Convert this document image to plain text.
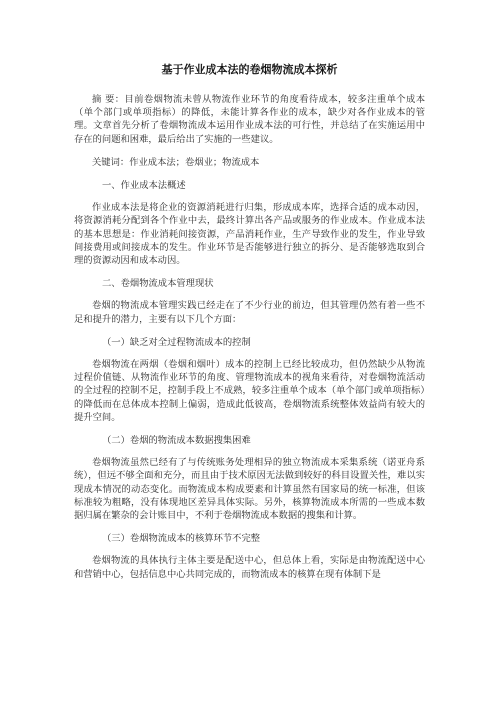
基于作业成本法的卷烟物流成本探析

摘 要：目前卷烟物流未曾从物流作业环节的角度看待成本，较多注重单个成本（单个部门或单项指标）的降低，未能计算各作业的成本，缺少对各作业成本的管理。文章首先分析了卷烟物流成本运用作业成本法的可行性，并总结了在实施运用中存在的问题和困难，最后给出了实施的一些建议。

关键词：作业成本法；卷烟业；物流成本

一、作业成本法概述

作业成本法是将企业的资源消耗进行归集，形成成本库，选择合适的成本动因，将资源消耗分配到各个作业中去，最终计算出各产品或服务的作业成本。作业成本法的基本思想是：作业消耗间接资源，产品消耗作业，生产导致作业的发生，作业导致间接费用或间接成本的发生。作业环节是否能够进行独立的拆分、是否能够选取到合理的资源动因和成本动因。

二、卷烟物流成本管理现状

卷烟的物流成本管理实践已经走在了不少行业的前边，但其管理仍然有着一些不足和提升的潜力，主要有以下几个方面：

（一）缺乏对全过程物流成本的控制

卷烟物流在两烟（卷烟和烟叶）成本的控制上已经比较成功，但仍然缺少从物流过程价值链、从物流作业环节的角度、管理物流成本的视角来看待，对卷烟物流活动的全过程的控制不足，控制手段上不成熟，较多注重单个成本（单个部门或单项指标）的降低而在总体成本控制上偏弱，造成此低彼高，卷烟物流系统整体效益尚有较大的提升空间。

（二）卷烟的物流成本数据搜集困难

卷烟物流虽然已经有了与传统账务处理相异的独立物流成本采集系统（诺亚舟系统），但远不够全面和充分，而且由于技术原因无法做到较好的科目设置关性，难以实现成本情况的动态变化。而物流成本构成要素和计算虽然有国家局的统一标准，但该标准较为粗略，没有体现地区差异具体实际。另外，核算物流成本所需的一些成本数据归属在繁杂的会计账目中，不利于卷烟物流成本数据的搜集和计算。

（三）卷烟物流成本的核算环节不完整

卷烟物流的具体执行主体主要是配送中心，但总体上看，实际是由物流配送中心和营销中心，包括信息中心共同完成的，而物流成本的核算在现有体制下是
